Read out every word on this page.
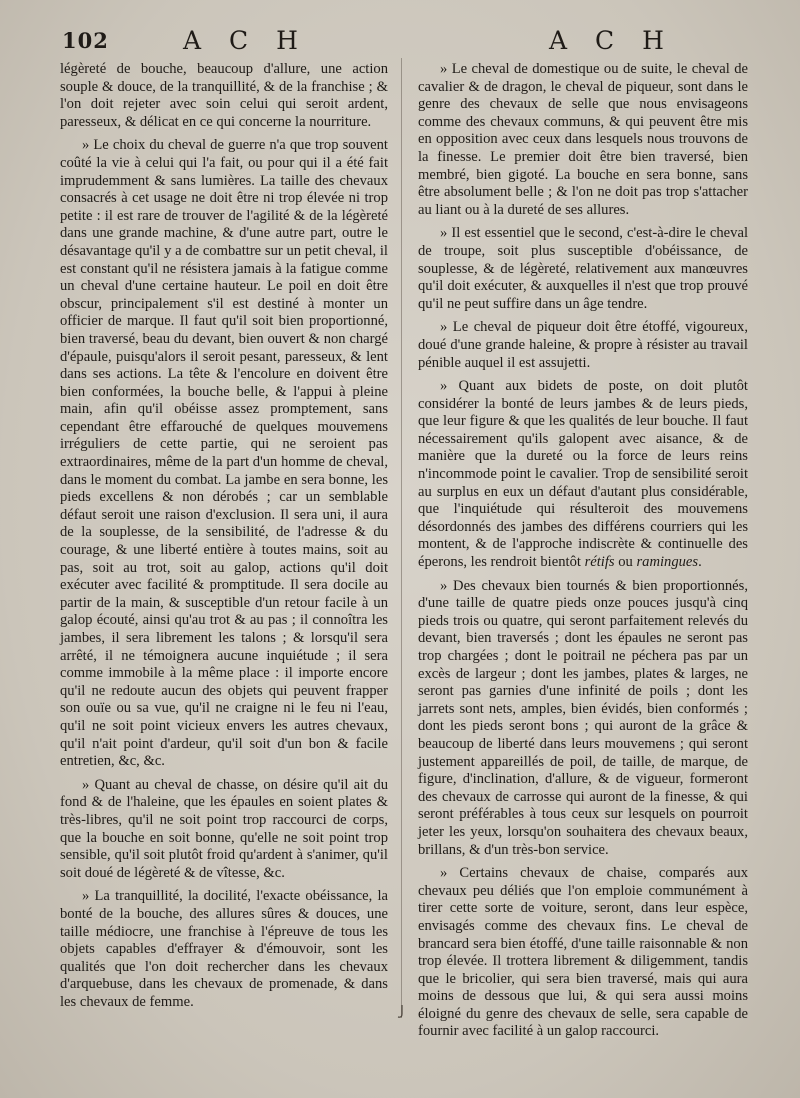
102	A C H	A C H

légèreté de bouche, beaucoup d'allure, une action souple & douce, de la tranquillité, & de la franchise ; & l'on doit rejeter avec soin celui qui seroit ardent, paresseux, & délicat en ce qui concerne la nourriture.

» Le choix du cheval de guerre n'a que trop souvent coûté la vie à celui qui l'a fait, ou pour qui il a été fait imprudemment & sans lumières. La taille des chevaux consacrés à cet usage ne doit être ni trop élevée ni trop petite : il est rare de trouver de l'agilité & de la légèreté dans une grande machine, & d'une autre part, outre le désavantage qu'il y a de combattre sur un petit cheval, il est constant qu'il ne résistera jamais à la fatigue comme un cheval d'une certaine hauteur. Le poil en doit être obscur, principalement s'il est destiné à monter un officier de marque. Il faut qu'il soit bien proportionné, bien traversé, beau du devant, bien ouvert & non chargé d'épaule, puisqu'alors il seroit pesant, paresseux, & lent dans ses actions. La tête & l'encolure en doivent être bien conformées, la bouche belle, & l'appui à pleine main, afin qu'il obéisse assez promptement, sans cependant être effarouché de quelques mouvemens irréguliers de cette partie, qui ne seroient pas extraordinaires, même de la part d'un homme de cheval, dans le moment du combat. La jambe en sera bonne, les pieds excellens & non dérobés ; car un semblable défaut seroit une raison d'exclusion. Il sera uni, il aura de la souplesse, de la sensibilité, de l'adresse & du courage, & une liberté entière à toutes mains, soit au pas, soit au trot, soit au galop, actions qu'il doit exécuter avec facilité & promptitude. Il sera docile au partir de la main, & susceptible d'un retour facile à un galop écouté, ainsi qu'au trot & au pas ; il connoîtra les jambes, il sera librement les talons ; & lorsqu'il sera arrêté, il ne témoignera aucune inquiétude ; il sera comme immobile à la même place : il importe encore qu'il ne redoute aucun des objets qui peuvent frapper son ouïe ou sa vue, qu'il ne craigne ni le feu ni l'eau, qu'il ne soit point vicieux envers les autres chevaux, qu'il n'ait point d'ardeur, qu'il soit d'un bon & facile entretien, &c, &c.

» Quant au cheval de chasse, on désire qu'il ait du fond & de l'haleine, que les épaules en soient plates & très-libres, qu'il ne soit point trop raccourci de corps, que la bouche en soit bonne, qu'elle ne soit point trop sensible, qu'il soit plutôt froid qu'ardent à s'animer, qu'il soit doué de légèreté & de vîtesse, &c.

» La tranquillité, la docilité, l'exacte obéissance, la bonté de la bouche, des allures sûres & douces, une taille médiocre, une franchise à l'épreuve de tous les objets capables d'effrayer & d'émouvoir, sont les qualités que l'on doit rechercher dans les chevaux d'arquebuse, dans les chevaux de promenade, & dans les chevaux de femme.

» Le cheval de domestique ou de suite, le cheval de cavalier & de dragon, le cheval de piqueur, sont dans le genre des chevaux de selle que nous envisageons comme des chevaux communs, & qui peuvent être mis en opposition avec ceux dans lesquels nous trouvons de la finesse. Le premier doit être bien traversé, bien membré, bien gigoté. La bouche en sera bonne, sans être absolument belle ; & l'on ne doit pas trop s'attacher au liant ou à la dureté de ses allures.

» Il est essentiel que le second, c'est-à-dire le cheval de troupe, soit plus susceptible d'obéissance, de souplesse, & de légèreté, relativement aux manœuvres qu'il doit exécuter, & auxquelles il n'est que trop prouvé qu'il ne peut suffire dans un âge tendre.

» Le cheval de piqueur doit être étoffé, vigoureux, doué d'une grande haleine, & propre à résister au travail pénible auquel il est assujetti.

» Quant aux bidets de poste, on doit plutôt considérer la bonté de leurs jambes & de leurs pieds, que leur figure & que les qualités de leur bouche. Il faut nécessairement qu'ils galopent avec aisance, & de manière que la dureté ou la force de leurs reins n'incommode point le cavalier. Trop de sensibilité seroit au surplus en eux un défaut d'autant plus considérable, que l'inquiétude qui résulteroit des mouvemens désordonnés des jambes des différens courriers qui les montent, & de l'approche indiscrète & continuelle des éperons, les rendroit bientôt rétifs ou ramingues.

» Des chevaux bien tournés & bien proportionnés, d'une taille de quatre pieds onze pouces jusqu'à cinq pieds trois ou quatre, qui seront parfaitement relevés du devant, bien traversés ; dont les épaules ne seront pas trop chargées ; dont le poitrail ne péchera pas par un excès de largeur ; dont les jambes, plates & larges, ne seront pas garnies d'une infinité de poils ; dont les jarrets sont nets, amples, bien évidés, bien conformés ; dont les pieds seront bons ; qui auront de la grâce & beaucoup de liberté dans leurs mouvemens ; qui seront justement appareillés de poil, de taille, de marque, de figure, d'inclination, d'allure, & de vigueur, formeront des chevaux de carrosse qui auront de la finesse, & qui seront préférables à tous ceux sur lesquels on pourroit jeter les yeux, lorsqu'on souhaitera des chevaux beaux, brillans, & d'un très-bon service.

» Certains chevaux de chaise, comparés aux chevaux peu déliés que l'on emploie communément à tirer cette sorte de voiture, seront, dans leur espèce, envisagés comme des chevaux fins. Le cheval de brancard sera bien étoffé, d'une taille raisonnable & non trop élevée. Il trottera librement & diligemment, tandis que le bricolier, qui sera bien traversé, mais qui aura moins de dessous que lui, & qui sera aussi moins éloigné du genre des chevaux de selle, sera capable de fournir avec facilité à un galop raccourci.
